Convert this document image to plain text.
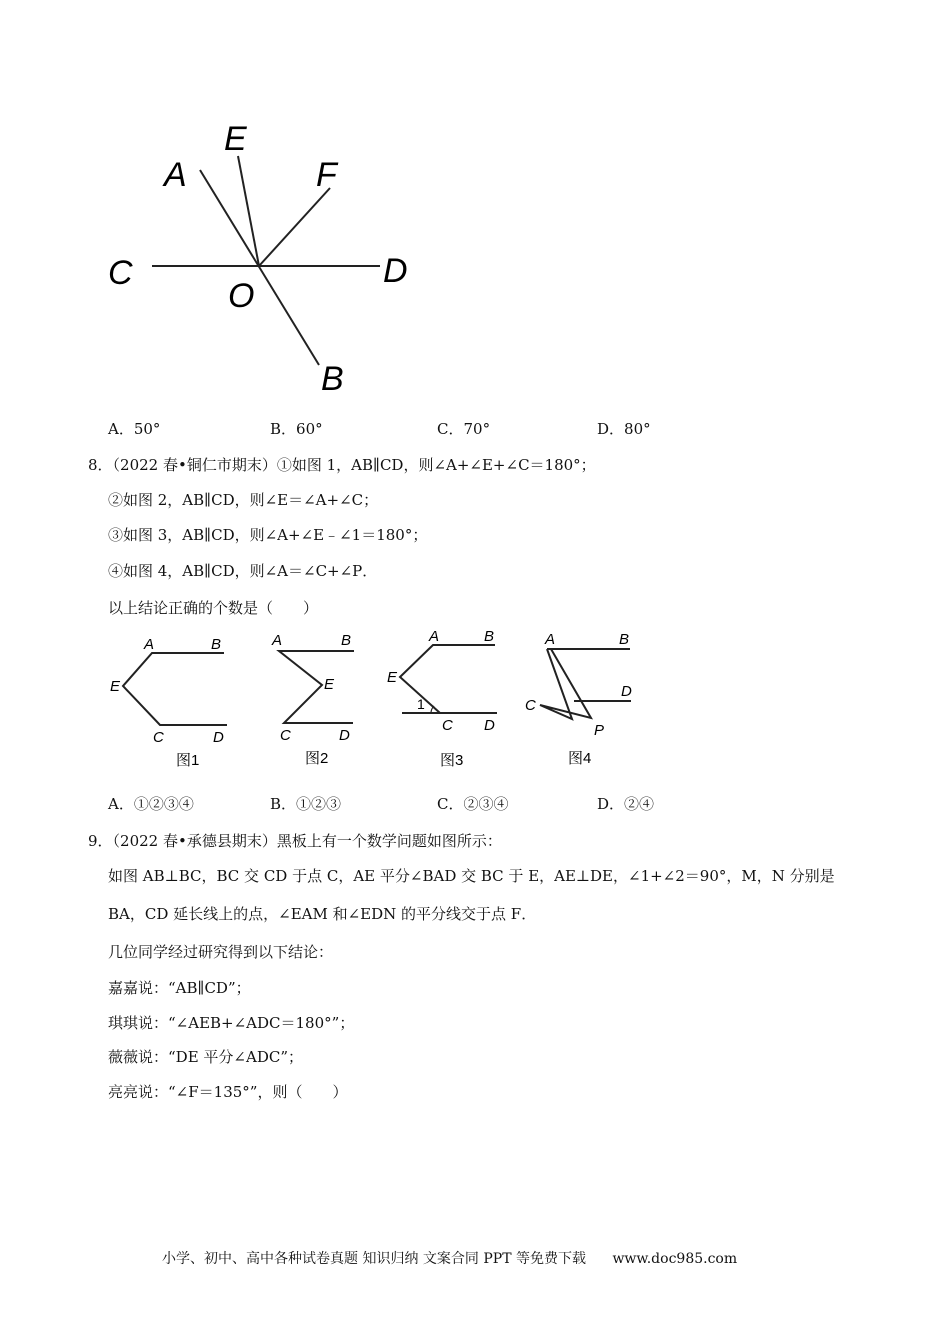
E
A	F
C	D
O
B
A．50°	B．60°	C．70°	D．80°
8．（2022 春•铜仁市期末）①如图 1，AB∥CD，则∠A+∠E+∠C＝180°；
②如图 2，AB∥CD，则∠E＝∠A+∠C；
③如图 3，AB∥CD，则∠A+∠E﹣∠1＝180°；
④如图 4，AB∥CD，则∠A＝∠C+∠P．
以上结论正确的个数是（　　）
A	B
E
C	D
图1
A	B
E
C	D
图2
A	B
E
1
C D
图3
A	B
C
D
P
图4
A．①②③④	B．①②③	C．②③④	D．②④
9．（2022 春•承德县期末）黑板上有一个数学问题如图所示：
如图 AB⊥BC，BC 交 CD 于点 C，AE 平分∠BAD 交 BC 于 E，AE⊥DE，∠1+∠2＝90°，M，N 分别是
BA，CD 延长线上的点，∠EAM 和∠EDN 的平分线交于点 F．
几位同学经过研究得到以下结论：
嘉嘉说：“AB∥CD”；
琪琪说：“∠AEB+∠ADC＝180°”；
薇薇说：“DE 平分∠ADC”；
亮亮说：“∠F＝135°”，则（　　）
小学、初中、高中各种试卷真题 知识归纳 文案合同 PPT 等免费下载 www.doc985.com
